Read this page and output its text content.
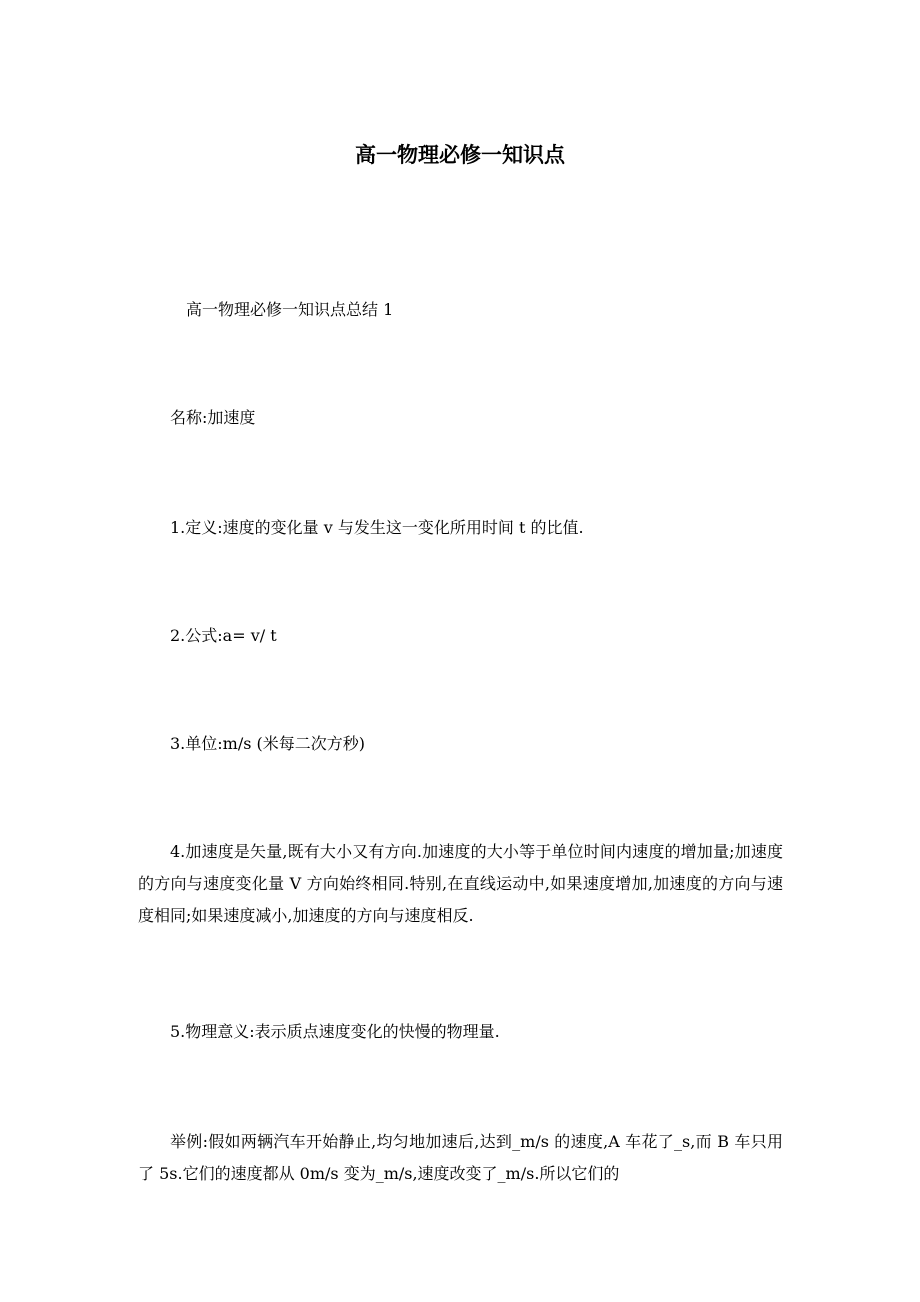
高一物理必修一知识点
高一物理必修一知识点总结 1

名称:加速度

1.定义:速度的变化量 v 与发生这一变化所用时间 t 的比值.

2.公式:a= v/ t

3.单位:m/s (米每二次方秒)

4.加速度是矢量,既有大小又有方向.加速度的大小等于单位时间内速度的增加量;加速度的方向与速度变化量 V 方向始终相同.特别,在直线运动中,如果速度增加,加速度的方向与速度相同;如果速度减小,加速度的方向与速度相反.

5.物理意义:表示质点速度变化的快慢的物理量.

举例:假如两辆汽车开始静止,均匀地加速后,达到_m/s 的速度,A 车花了_s,而 B 车只用了 5s.它们的速度都从 0m/s 变为_m/s,速度改变了_m/s.所以它们的
